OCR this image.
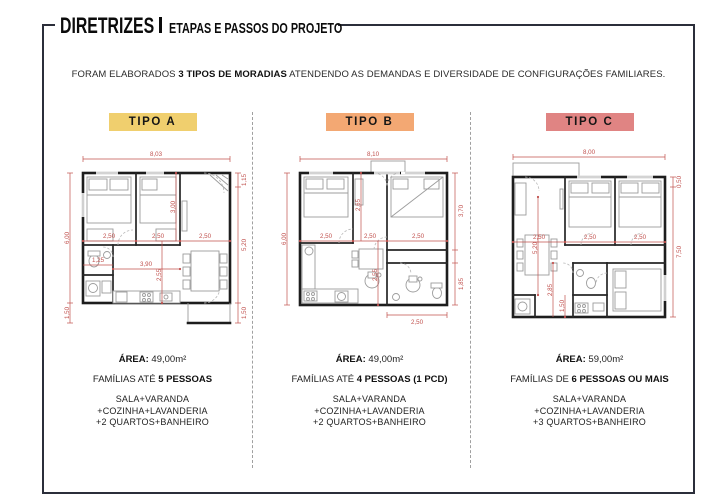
DIRETRIZES ETAPAS E PASSOS DO PROJETO
FORAM ELABORADOS 3 TIPOS DE MORADIAS ATENDENDO AS DEMANDAS E DIVERSIDADE DE CONFIGURAÇÕES FAMILIARES.
TIPO A
8,03
6,00
1,50
1,15
5,20
1,50
2,50	2,50	2,50
3,00
1,25
3,90
2,55
ÁREA: 49,00m²
FAMÍLIAS ATÉ 5 PESSOAS
SALA+VARANDA
+COZINHA+LAVANDERIA
+2 QUARTOS+BANHEIRO
TIPO B
8,10
6,00
3,70
1,85
2,50	2,50	2,50
2,65
2,55
2,50
ÁREA: 49,00m²
FAMÍLIAS ATÉ 4 PESSOAS (1 PCD)
SALA+VARANDA
+COZINHA+LAVANDERIA
+2 QUARTOS+BANHEIRO
TIPO C
8,00
0,50
7,50
2,50	2,50	2,50
5,20
2,85
1,50
ÁREA: 59,00m²
FAMÍLIAS DE 6 PESSOAS OU MAIS
SALA+VARANDA
+COZINHA+LAVANDERIA
+3 QUARTOS+BANHEIRO
